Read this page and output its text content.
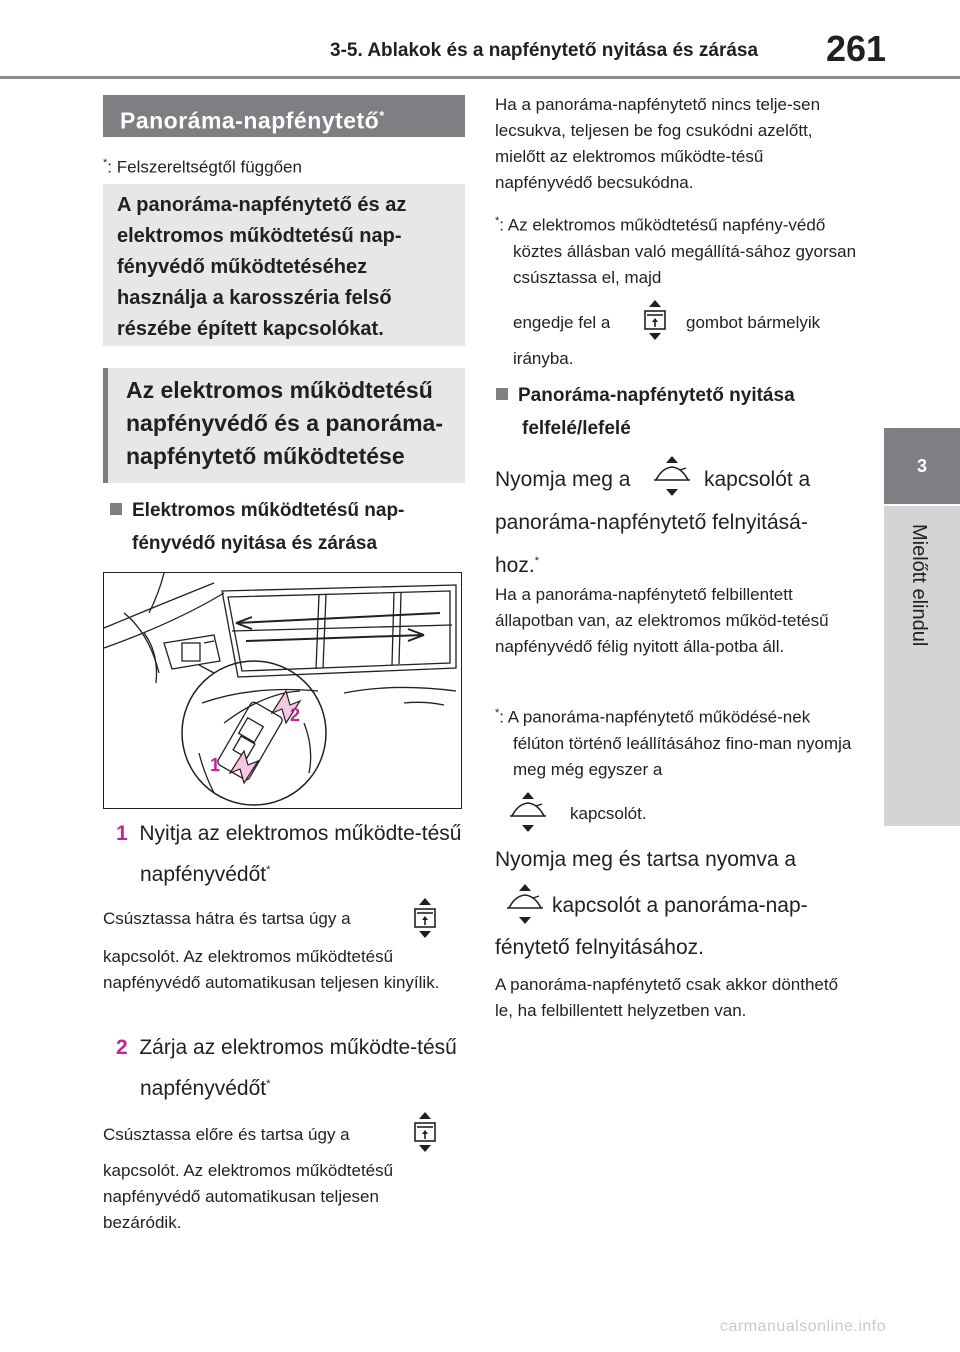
3-5. Ablakok és a napfénytető nyitása és zárása 261
3
Mielőtt elindul
Panoráma-napfénytető*
*: Felszereltségtől függően
A panoráma-napfénytető és az elektromos működtetésű nap-fényvédő működtetéséhez használja a karosszéria felső részébe épített kapcsolókat.
Az elektromos működtetésű napfényvédő és a panoráma-napfénytető működtetése
Elektromos működtetésű nap-fényvédő nyitása és zárása
2
1
1 Nyitja az elektromos működte-tésű napfényvédőt*
Csúsztassa hátra és tartsa úgy a
kapcsolót. Az elektromos működtetésű napfényvédő automatikusan teljesen kinyílik.
2 Zárja az elektromos működte-tésű napfényvédőt*
Csúsztassa előre és tartsa úgy a
kapcsolót. Az elektromos működtetésű napfényvédő automatikusan teljesen bezáródik.
Ha a panoráma-napfénytető nincs telje-sen lecsukva, teljesen be fog csukódni azelőtt, mielőtt az elektromos működte-tésű napfényvédő becsukódna.
*: Az elektromos működtetésű napfény-védő köztes állásban való megállítá-sához gyorsan csúsztassa el, majd
engedje fel a	gombot bármelyik
irányba.
Panoráma-napfénytető nyitása felfelé/lefelé
Nyomja meg a	kapcsolót a
panoráma-napfénytető felnyitásá-hoz.*
Ha a panoráma-napfénytető felbillentett állapotban van, az elektromos működ-tetésű napfényvédő félig nyitott álla-potba áll.
*: A panoráma-napfénytető működésé-nek félúton történő leállításához fino-man nyomja meg még egyszer a
kapcsolót.
Nyomja meg és tartsa nyomva a
kapcsolót a panoráma-nap-
fénytető felnyitásához.
A panoráma-napfénytető csak akkor dönthető le, ha felbillentett helyzetben van.
carmanualsonline.info
